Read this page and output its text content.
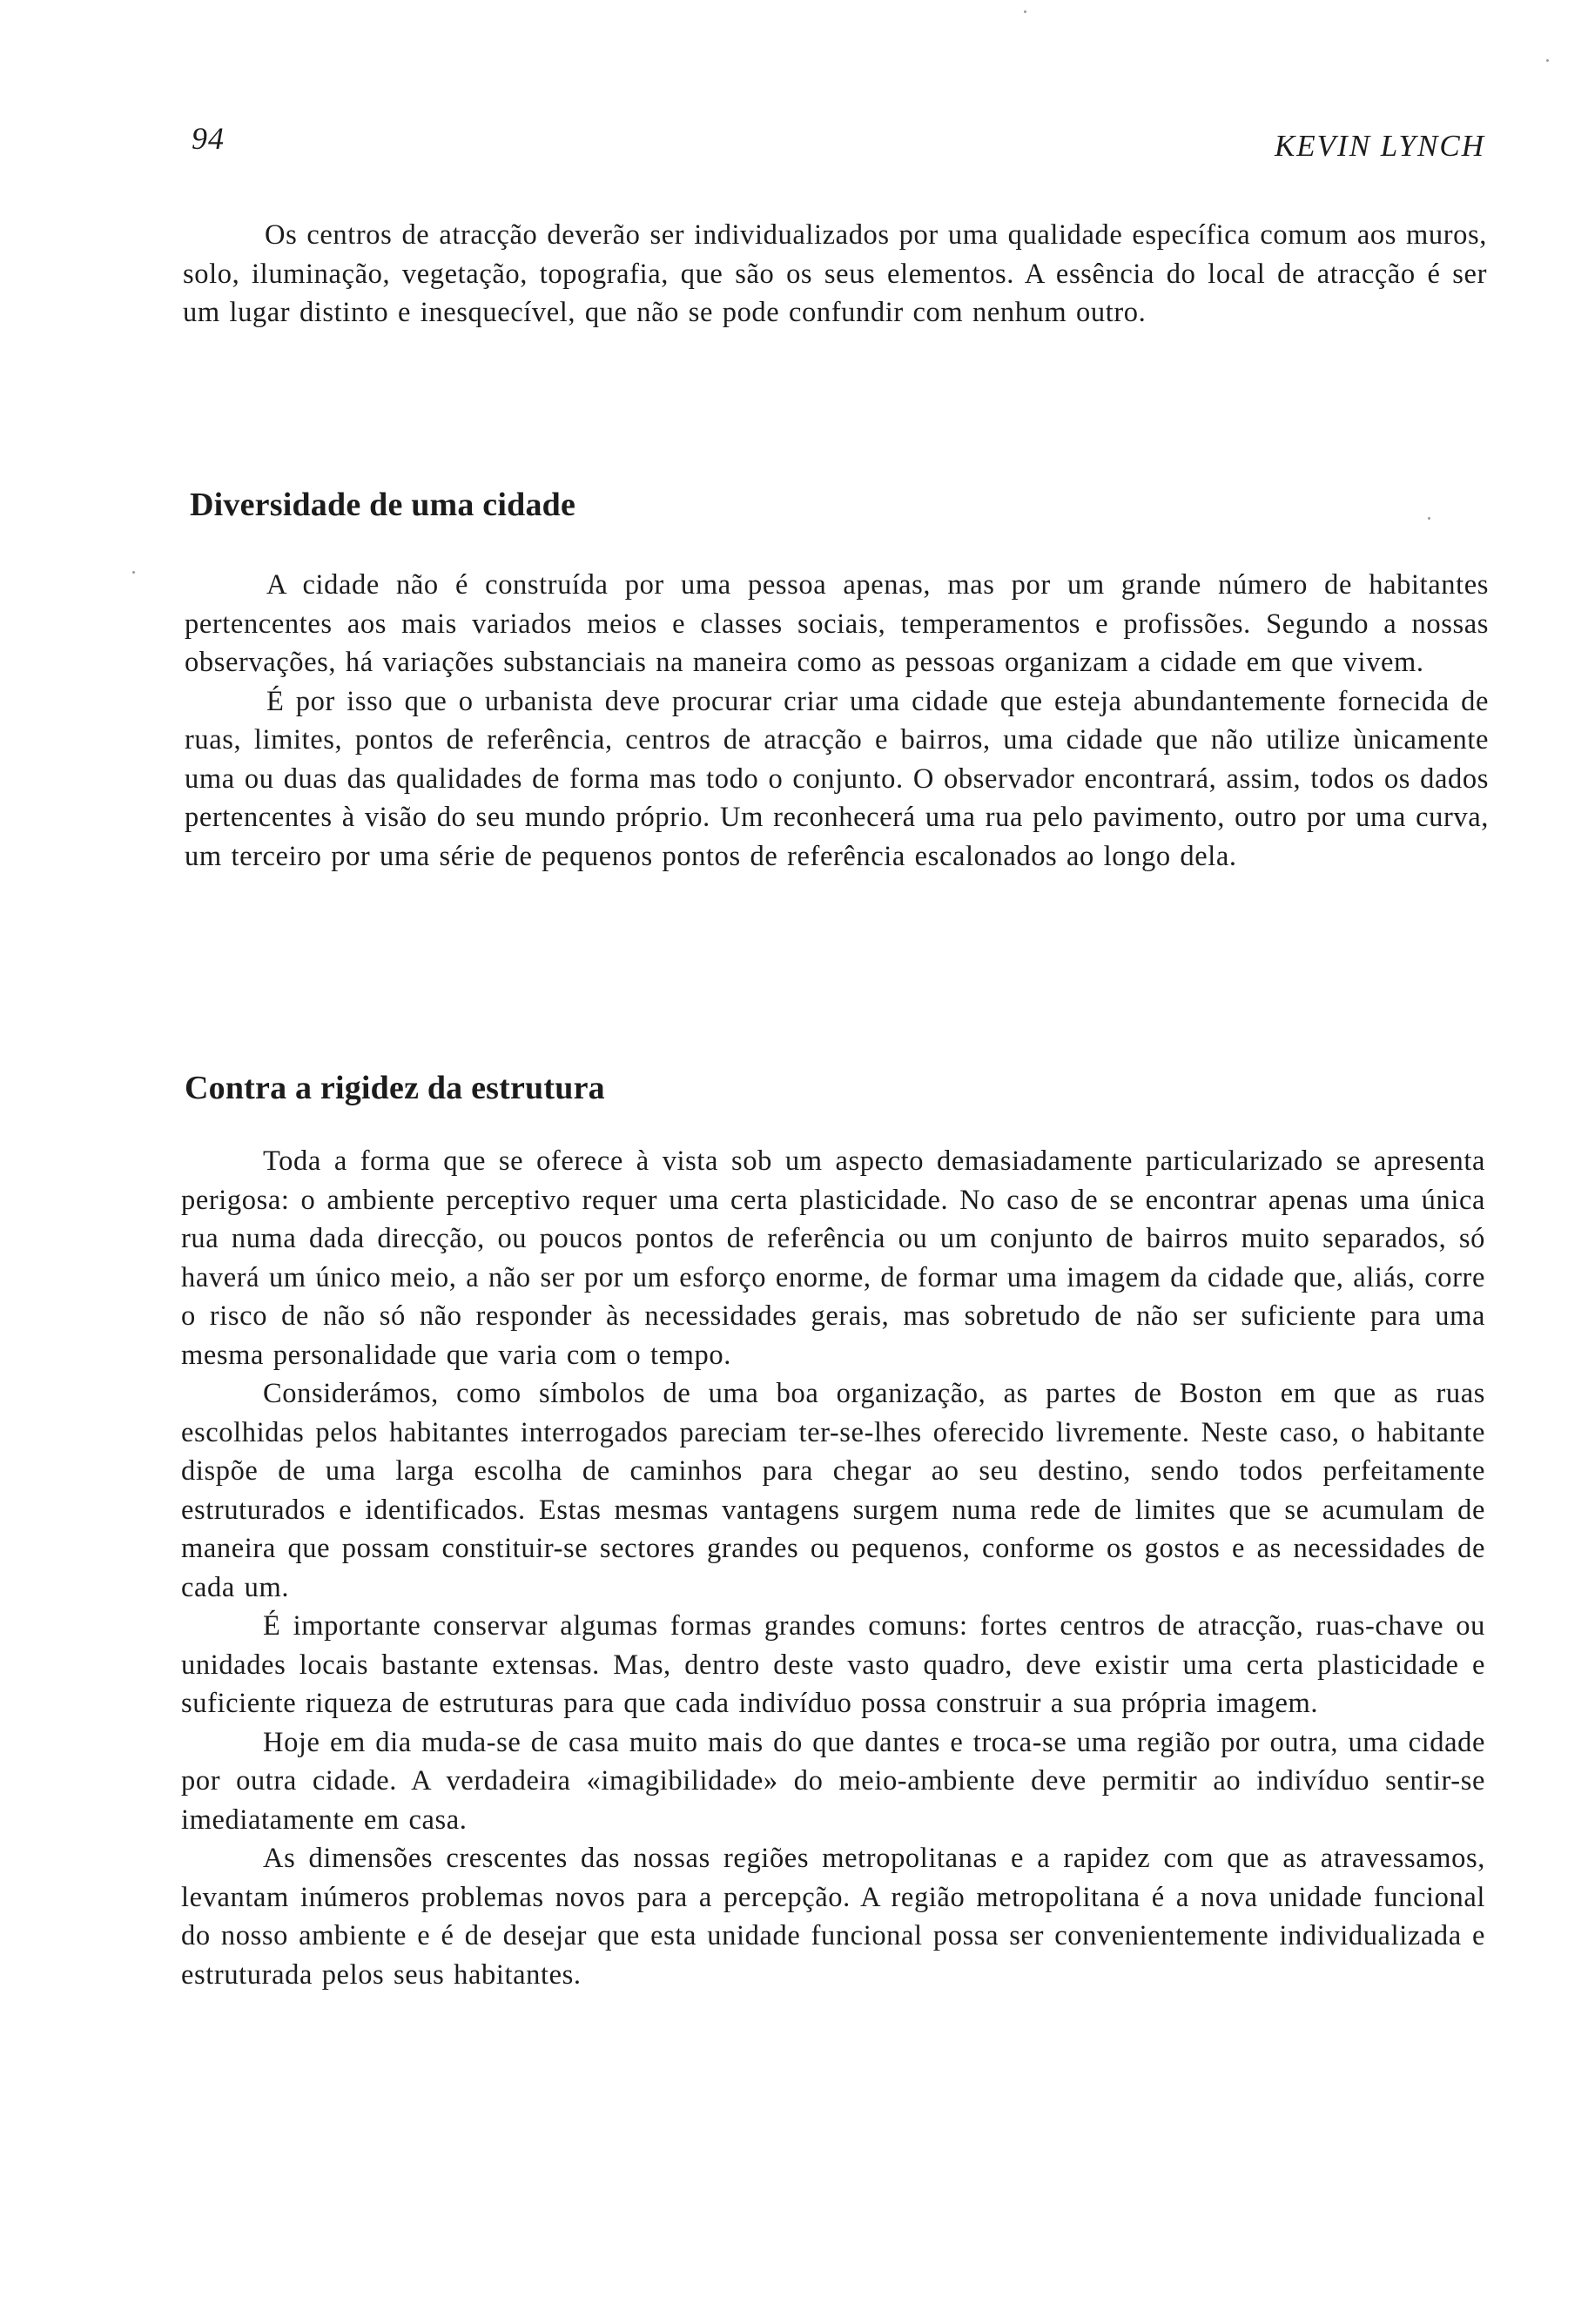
94	KEVIN LYNCH

Os centros de atracção deverão ser individualizados por uma qualidade específica comum aos muros, solo, iluminação, vegetação, topografia, que são os seus elementos. A essência do local de atracção é ser um lugar distinto e inesquecível, que não se pode confundir com nenhum outro.

Diversidade de uma cidade

A cidade não é construída por uma pessoa apenas, mas por um grande número de habitantes pertencentes aos mais variados meios e classes sociais, temperamentos e profissões. Segundo a nossas observações, há variações substanciais na maneira como as pessoas organizam a cidade em que vivem.

É por isso que o urbanista deve procurar criar uma cidade que esteja abundantemente fornecida de ruas, limites, pontos de referência, centros de atracção e bairros, uma cidade que não utilize ùnicamente uma ou duas das qualidades de forma mas todo o conjunto. O observador encontrará, assim, todos os dados pertencentes à visão do seu mundo próprio. Um reconhecerá uma rua pelo pavimento, outro por uma curva, um terceiro por uma série de pequenos pontos de referência escalonados ao longo dela.

Contra a rigidez da estrutura

Toda a forma que se oferece à vista sob um aspecto demasiadamente particularizado se apresenta perigosa: o ambiente perceptivo requer uma certa plasticidade. No caso de se encontrar apenas uma única rua numa dada direcção, ou poucos pontos de referência ou um conjunto de bairros muito separados, só haverá um único meio, a não ser por um esforço enorme, de formar uma imagem da cidade que, aliás, corre o risco de não só não responder às necessidades gerais, mas sobretudo de não ser suficiente para uma mesma personalidade que varia com o tempo.

Considerámos, como símbolos de uma boa organização, as partes de Boston em que as ruas escolhidas pelos habitantes interrogados pareciam ter-se-lhes oferecido livremente. Neste caso, o habitante dispõe de uma larga escolha de caminhos para chegar ao seu destino, sendo todos perfeitamente estruturados e identificados. Estas mesmas vantagens surgem numa rede de limites que se acumulam de maneira que possam constituir-se sectores grandes ou pequenos, conforme os gostos e as necessidades de cada um.

É importante conservar algumas formas grandes comuns: fortes centros de atracção, ruas-chave ou unidades locais bastante extensas. Mas, dentro deste vasto quadro, deve existir uma certa plasticidade e suficiente riqueza de estruturas para que cada indivíduo possa construir a sua própria imagem.

Hoje em dia muda-se de casa muito mais do que dantes e troca-se uma região por outra, uma cidade por outra cidade. A verdadeira «imagibilidade» do meio-ambiente deve permitir ao indivíduo sentir-se imediatamente em casa.

As dimensões crescentes das nossas regiões metropolitanas e a rapidez com que as atravessamos, levantam inúmeros problemas novos para a percepção. A região metropolitana é a nova unidade funcional do nosso ambiente e é de desejar que esta unidade funcional possa ser convenientemente individualizada e estruturada pelos seus habitantes.
